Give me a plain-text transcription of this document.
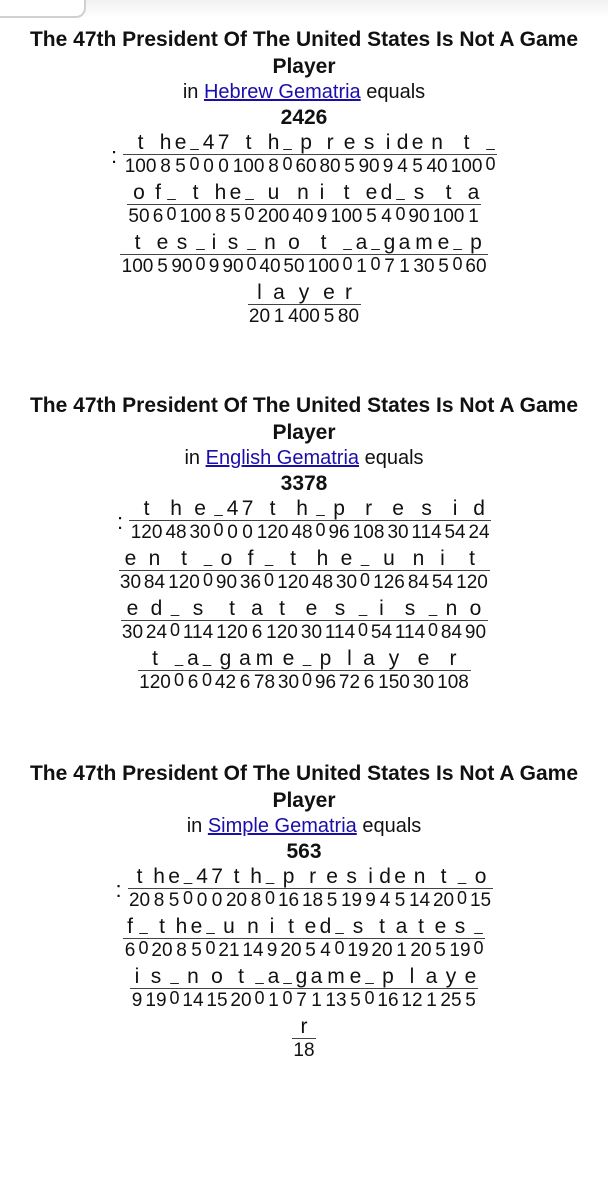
The 47th President Of The United States Is Not A Game Player
in Hebrew Gematria equals
2426
: t
100
h
8
e
5
_
0
4
0
7
0
t
100
h
8
_
0
p
60
r
80
e
5
s
90
i
9
d
4
e
5
n
40
t
100
_
0
o
50
f
6
_
0
t
100
h
8
e
5
_
0
u
200
n
40
i
9
t
100
e
5
d
4
_
0
s
90
t
100
a
1
t
100
e
5
s
90
_
0
i
9
s
90
_
0
n
40
o
50
t
100
_
0
a
1
_
0
g
7
a
1
m
30
e
5
_
0
p
60
l
20
a
1
y
400
e
5
r
80
The 47th President Of The United States Is Not A Game Player
in English Gematria equals
3378
: t
120
h
48
e
30
_
0
4
0
7
0
t
120
h
48
_
0
p
96
r
108
e
30
s
114
i
54
d
24
e
30
n
84
t
120
_
0
o
90
f
36
_
0
t
120
h
48
e
30
_
0
u
126
n
84
i
54
t
120
e
30
d
24
_
0
s
114
t
120
a
6
t
120
e
30
s
114
_
0
i
54
s
114
_
0
n
84
o
90
t
120
_
0
a
6
_
0
g
42
a
6
m
78
e
30
_
0
p
96
l
72
a
6
y
150
e
30
r
108
The 47th President Of The United States Is Not A Game Player
in Simple Gematria equals
563
: t
20
h
8
e
5
_
0
4
0
7
0
t
20
h
8
_
0
p
16
r
18
e
5
s
19
i
9
d
4
e
5
n
14
t
20
_
0
o
15
f
6
_
0
t
20
h
8
e
5
_
0
u
21
n
14
i
9
t
20
e
5
d
4
_
0
s
19
t
20
a
1
t
20
e
5
s
19
_
0
i
9
s
19
_
0
n
14
o
15
t
20
_
0
a
1
_
0
g
7
a
1
m
13
e
5
_
0
p
16
l
12
a
1
y
25
e
5
r
18
